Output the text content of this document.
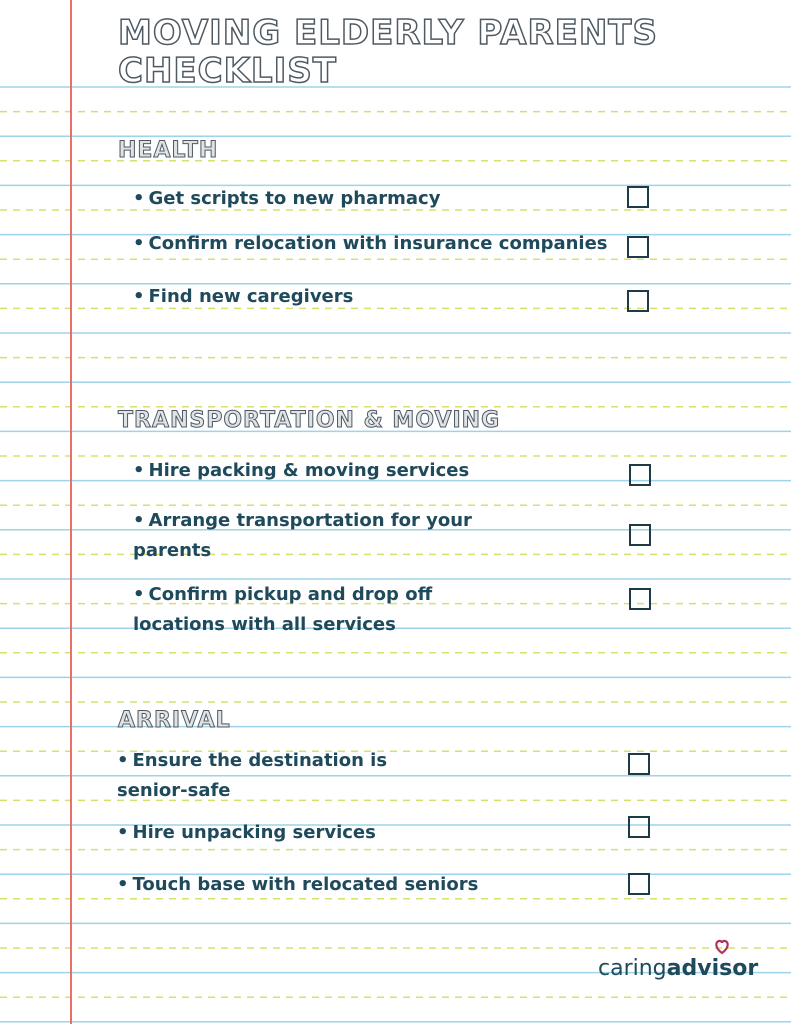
MOVING ELDERLY PARENTS
CHECKLIST
HEALTH

• Get scripts to new pharmacy

• Confirm relocation with insurance companies

• Find new caregivers

TRANSPORTATION & MOVING

• Hire packing & moving services

• Arrange transportation for your
parents

• Confirm pickup and drop off
locations with all services

ARRIVAL

• Ensure the destination is
senior-safe

• Hire unpacking services

• Touch base with relocated seniors

caringadvisor
